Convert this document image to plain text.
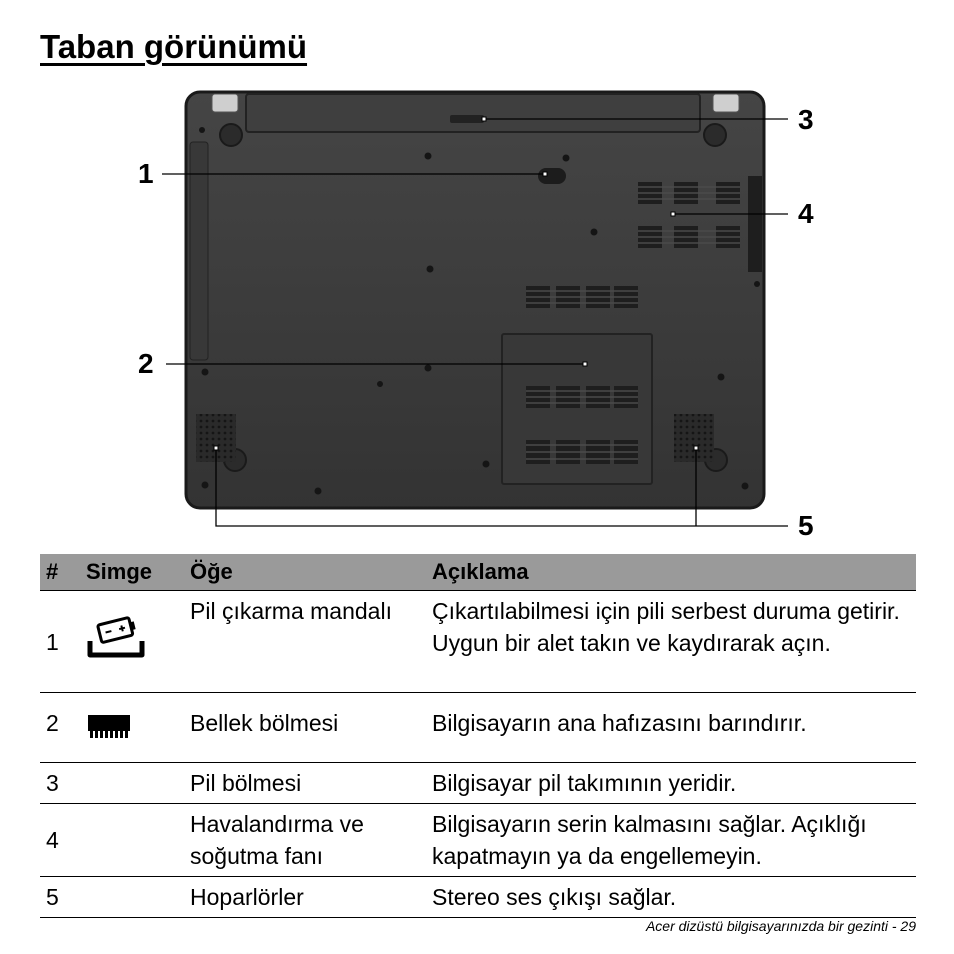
Taban görünümü
1
2
3
4
5
#	Simge	Öğe	Açıklama
1		Pil çıkarma mandalı	Çıkartılabilmesi için pili serbest duruma getirir. Uygun bir alet takın ve kaydırarak açın.
2		Bellek bölmesi	Bilgisayarın ana hafızasını barındırır.
3		Pil bölmesi	Bilgisayar pil takımının yeridir.
4		Havalandırma ve soğutma fanı	Bilgisayarın serin kalmasını sağlar. Açıklığı kapatmayın ya da engellemeyin.
5		Hoparlörler	Stereo ses çıkışı sağlar.
Acer dizüstü bilgisayarınızda bir gezinti - 29
